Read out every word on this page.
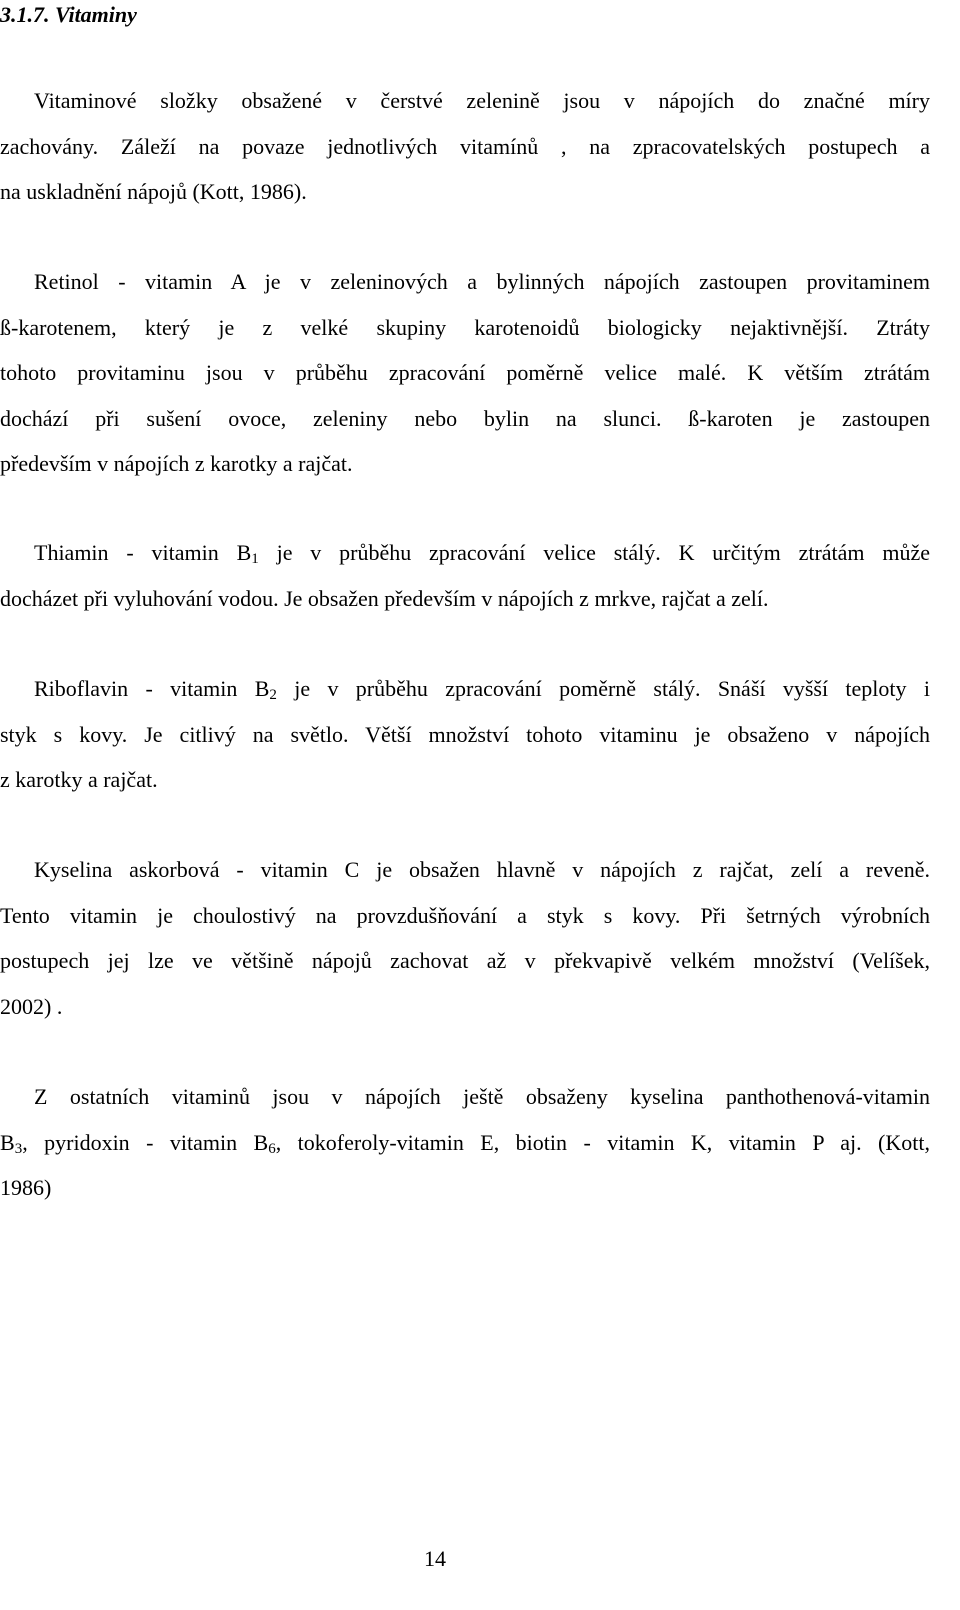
3.1.7. Vitaminy
Vitaminové složky obsažené v čerstvé zelenině jsou v nápojích do značné míry
zachovány. Záleží na povaze jednotlivých vitamínů , na zpracovatelských postupech a
na uskladnění nápojů (Kott, 1986).
Retinol - vitamin A je v zeleninových a bylinných nápojích zastoupen provitaminem
ß-karotenem, který je z velké skupiny karotenoidů biologicky nejaktivnější. Ztráty
tohoto provitaminu jsou v průběhu zpracování poměrně velice malé. K větším ztrátám
dochází při sušení ovoce, zeleniny nebo bylin na slunci. ß-karoten je zastoupen
především v nápojích z karotky a rajčat.
Thiamin - vitamin $B_1$ je v průběhu zpracování velice stálý. K určitým ztrátám může
docházet při vyluhování vodou. Je obsažen především v nápojích z mrkve, rajčat a zelí.
Riboflavin - vitamin $B_2$ je v průběhu zpracování poměrně stálý. Snáší vyšší teploty i
styk s kovy. Je citlivý na světlo. Větší množství tohoto vitaminu je obsaženo v nápojích
z karotky a rajčat.
Kyselina askorbová - vitamin C je obsažen hlavně v nápojích z rajčat, zelí a reveně.
Tento vitamin je choulostivý na provzdušňování a styk s kovy. Při šetrných výrobních
postupech jej lze ve většině nápojů zachovat až v překvapivě velkém množství (Velíšek,
2002) .
Z ostatních vitaminů jsou v nápojích ještě obsaženy kyselina panthothenová-vitamin
$B_3$, pyridoxin - vitamin $B_6$, tokoferoly-vitamin E, biotin - vitamin K, vitamin P aj. (Kott,
1986)
14
